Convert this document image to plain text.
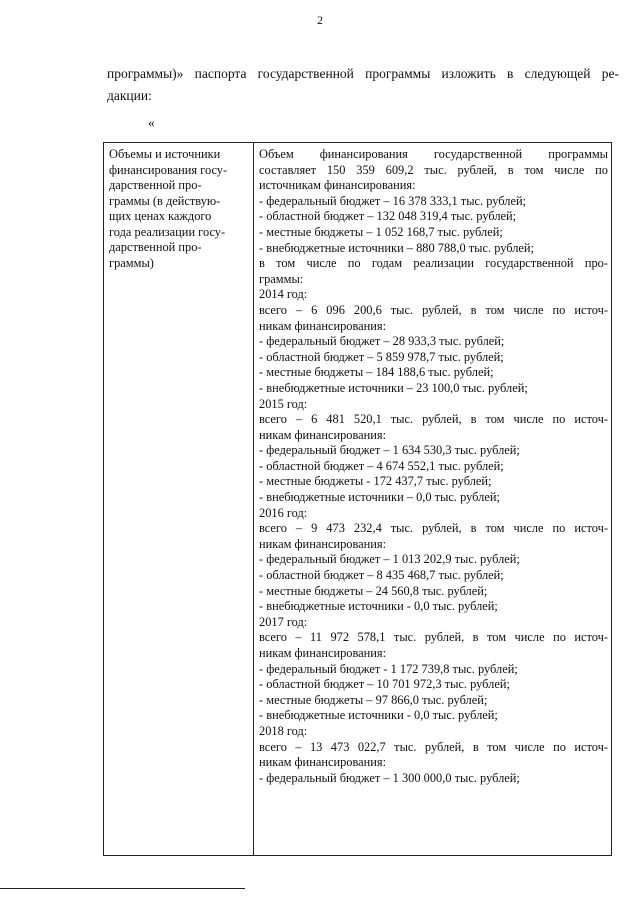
2
программы)» паспорта государственной программы изложить в следующей ре-
дакции:
«
Объемы и источники
финансирования госу-
дарственной про-
граммы (в действую-
щих ценах каждого
года реализации госу-
дарственной про-
граммы)
Объем финансирования государственной программы
составляет 150 359 609,2 тыс. рублей, в том числе по
источникам финансирования:
- федеральный бюджет – 16 378 333,1 тыс. рублей;
- областной бюджет – 132 048 319,4 тыс. рублей;
- местные бюджеты – 1 052 168,7 тыс. рублей;
- внебюджетные источники – 880 788,0 тыс. рублей;
в том числе по годам реализации государственной про-
граммы:
2014 год:
всего – 6 096 200,6 тыс. рублей, в том числе по источ-
никам финансирования:
- федеральный бюджет – 28 933,3 тыс. рублей;
- областной бюджет – 5 859 978,7 тыс. рублей;
- местные бюджеты – 184 188,6 тыс. рублей;
- внебюджетные источники – 23 100,0 тыс. рублей;
2015 год:
всего – 6 481 520,1 тыс. рублей, в том числе по источ-
никам финансирования:
- федеральный бюджет – 1 634 530,3 тыс. рублей;
- областной бюджет – 4 674 552,1 тыс. рублей;
- местные бюджеты - 172 437,7 тыс. рублей;
- внебюджетные источники – 0,0 тыс. рублей;
2016 год:
всего – 9 473 232,4 тыс. рублей, в том числе по источ-
никам финансирования:
- федеральный бюджет – 1 013 202,9 тыс. рублей;
- областной бюджет – 8 435 468,7 тыс. рублей;
- местные бюджеты – 24 560,8 тыс. рублей;
- внебюджетные источники - 0,0 тыс. рублей;
2017 год:
всего – 11 972 578,1 тыс. рублей, в том числе по источ-
никам финансирования:
- федеральный бюджет - 1 172 739,8 тыс. рублей;
- областной бюджет – 10 701 972,3 тыс. рублей;
- местные бюджеты – 97 866,0 тыс. рублей;
- внебюджетные источники - 0,0 тыс. рублей;
2018 год:
всего – 13 473 022,7 тыс. рублей, в том числе по источ-
никам финансирования:
- федеральный бюджет – 1 300 000,0 тыс. рублей;
